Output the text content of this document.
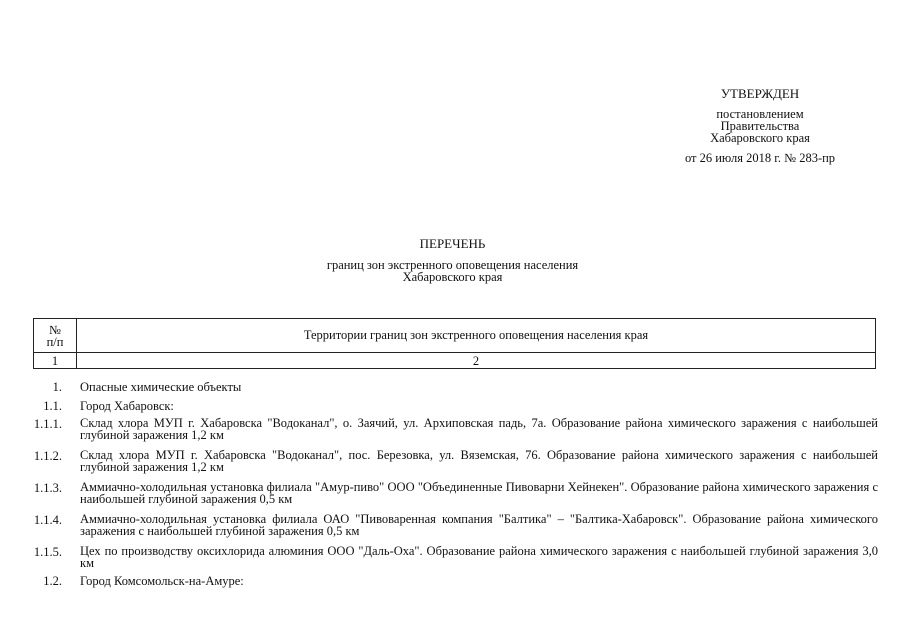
УТВЕРЖДЕН
постановлением
Правительства
Хабаровского края
от 26 июля 2018 г. № 283-пр
ПЕРЕЧЕНЬ
границ зон экстренного оповещения населения
Хабаровского края
№
п/п	Территории границ зон экстренного оповещения населения края
1	2
1.	Опасные химические объекты
1.1.	Город Хабаровск:
1.1.1.	Склад хлора МУП г. Хабаровска "Водоканал", о. Заячий, ул. Архиповская падь, 7а. Образование района химического заражения с наибольшей глубиной заражения 1,2 км
1.1.2.	Склад хлора МУП г. Хабаровска "Водоканал", пос. Березовка, ул. Вяземская, 76. Образование района химического заражения с наибольшей глубиной заражения 1,2 км
1.1.3.	Аммиачно-холодильная установка филиала "Амур-пиво" ООО "Объединенные Пивоварни Хейнекен". Образование района химического заражения с наибольшей глубиной заражения 0,5 км
1.1.4.	Аммиачно-холодильная установка филиала ОАО "Пивоваренная компания "Балтика" – "Балтика-Хабаровск". Образование района химического заражения с наибольшей глубиной заражения 0,5 км
1.1.5.	Цех по производству оксихлорида алюминия ООО "Даль-Оха". Образование района химического заражения с наибольшей глубиной заражения 3,0 км
1.2.	Город Комсомольск-на-Амуре:
